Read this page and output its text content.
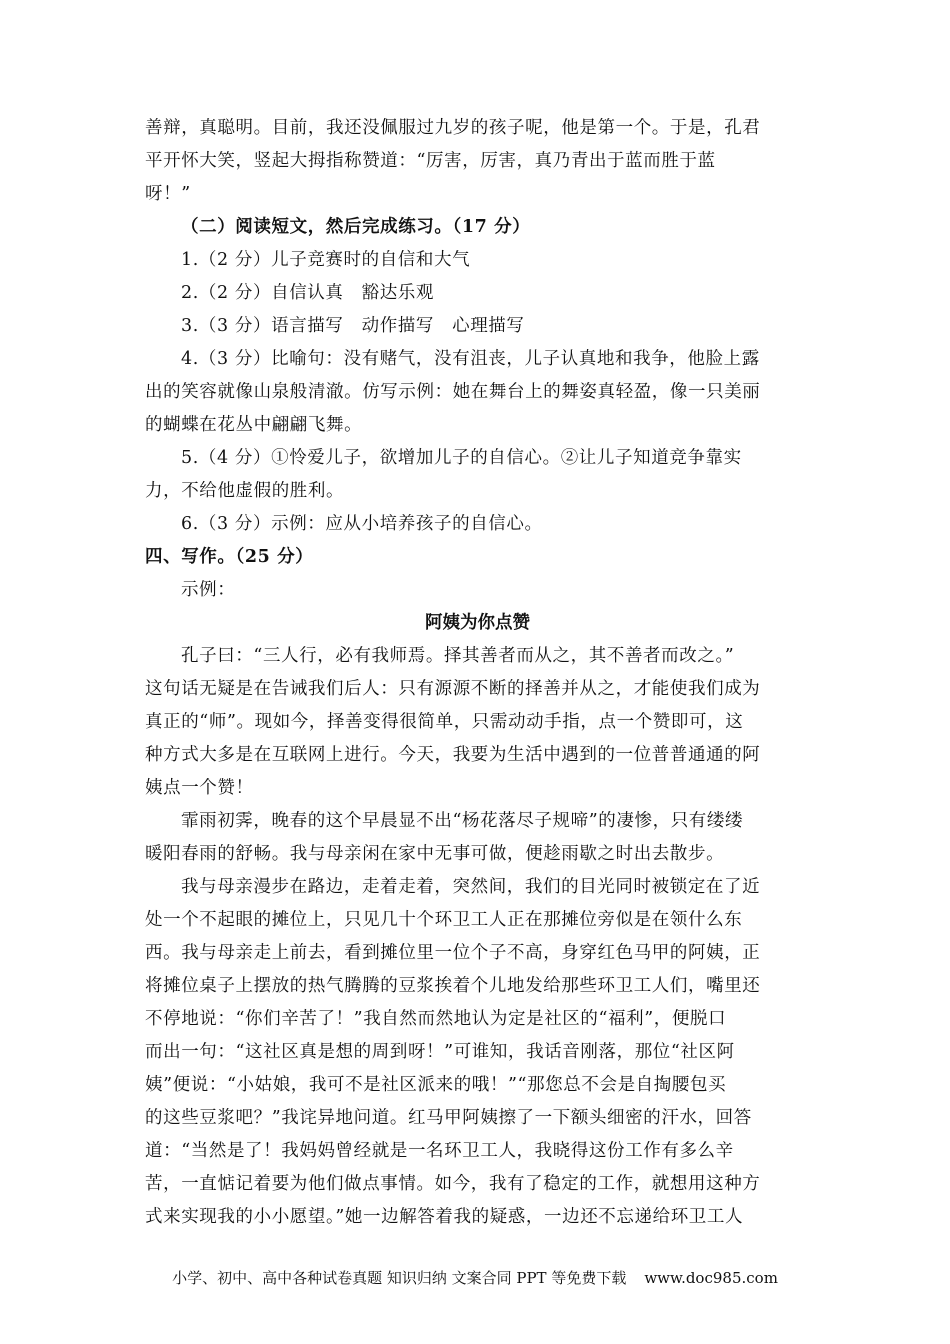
善辩，真聪明。目前，我还没佩服过九岁的孩子呢，他是第一个。于是，孔君
平开怀大笑，竖起大拇指称赞道：“厉害，厉害，真乃青出于蓝而胜于蓝
呀！”
（二）阅读短文，然后完成练习。（17 分）
1.（2 分）儿子竞赛时的自信和大气
2.（2 分）自信认真　豁达乐观
3.（3 分）语言描写　动作描写　心理描写
4.（3 分）比喻句：没有赌气，没有沮丧，儿子认真地和我争，他脸上露
出的笑容就像山泉般清澈。仿写示例：她在舞台上的舞姿真轻盈，像一只美丽
的蝴蝶在花丛中翩翩飞舞。
5.（4 分）①怜爱儿子，欲增加儿子的自信心。②让儿子知道竞争靠实
力，不给他虚假的胜利。
6.（3 分）示例：应从小培养孩子的自信心。
四、写作。（25 分）
示例：
阿姨为你点赞
孔子曰：“三人行，必有我师焉。择其善者而从之，其不善者而改之。”
这句话无疑是在告诫我们后人：只有源源不断的择善并从之，才能使我们成为
真正的“师”。现如今，择善变得很简单，只需动动手指，点一个赞即可，这
种方式大多是在互联网上进行。今天，我要为生活中遇到的一位普普通通的阿
姨点一个赞！
霏雨初霁，晚春的这个早晨显不出“杨花落尽子规啼”的凄惨，只有缕缕
暖阳春雨的舒畅。我与母亲闲在家中无事可做，便趁雨歇之时出去散步。
我与母亲漫步在路边，走着走着，突然间，我们的目光同时被锁定在了近
处一个不起眼的摊位上，只见几十个环卫工人正在那摊位旁似是在领什么东
西。我与母亲走上前去，看到摊位里一位个子不高，身穿红色马甲的阿姨，正
将摊位桌子上摆放的热气腾腾的豆浆挨着个儿地发给那些环卫工人们，嘴里还
不停地说：“你们辛苦了！”我自然而然地认为定是社区的“福利”，便脱口
而出一句：“这社区真是想的周到呀！”可谁知，我话音刚落，那位“社区阿
姨”便说：“小姑娘，我可不是社区派来的哦！”“那您总不会是自掏腰包买
的这些豆浆吧？”我诧异地问道。红马甲阿姨擦了一下额头细密的汗水，回答
道：“当然是了！我妈妈曾经就是一名环卫工人，我晓得这份工作有多么辛
苦，一直惦记着要为他们做点事情。如今，我有了稳定的工作，就想用这种方
式来实现我的小小愿望。”她一边解答着我的疑惑，一边还不忘递给环卫工人
小学、初中、高中各种试卷真题 知识归纳 文案合同 PPT 等免费下载 www.doc985.com
